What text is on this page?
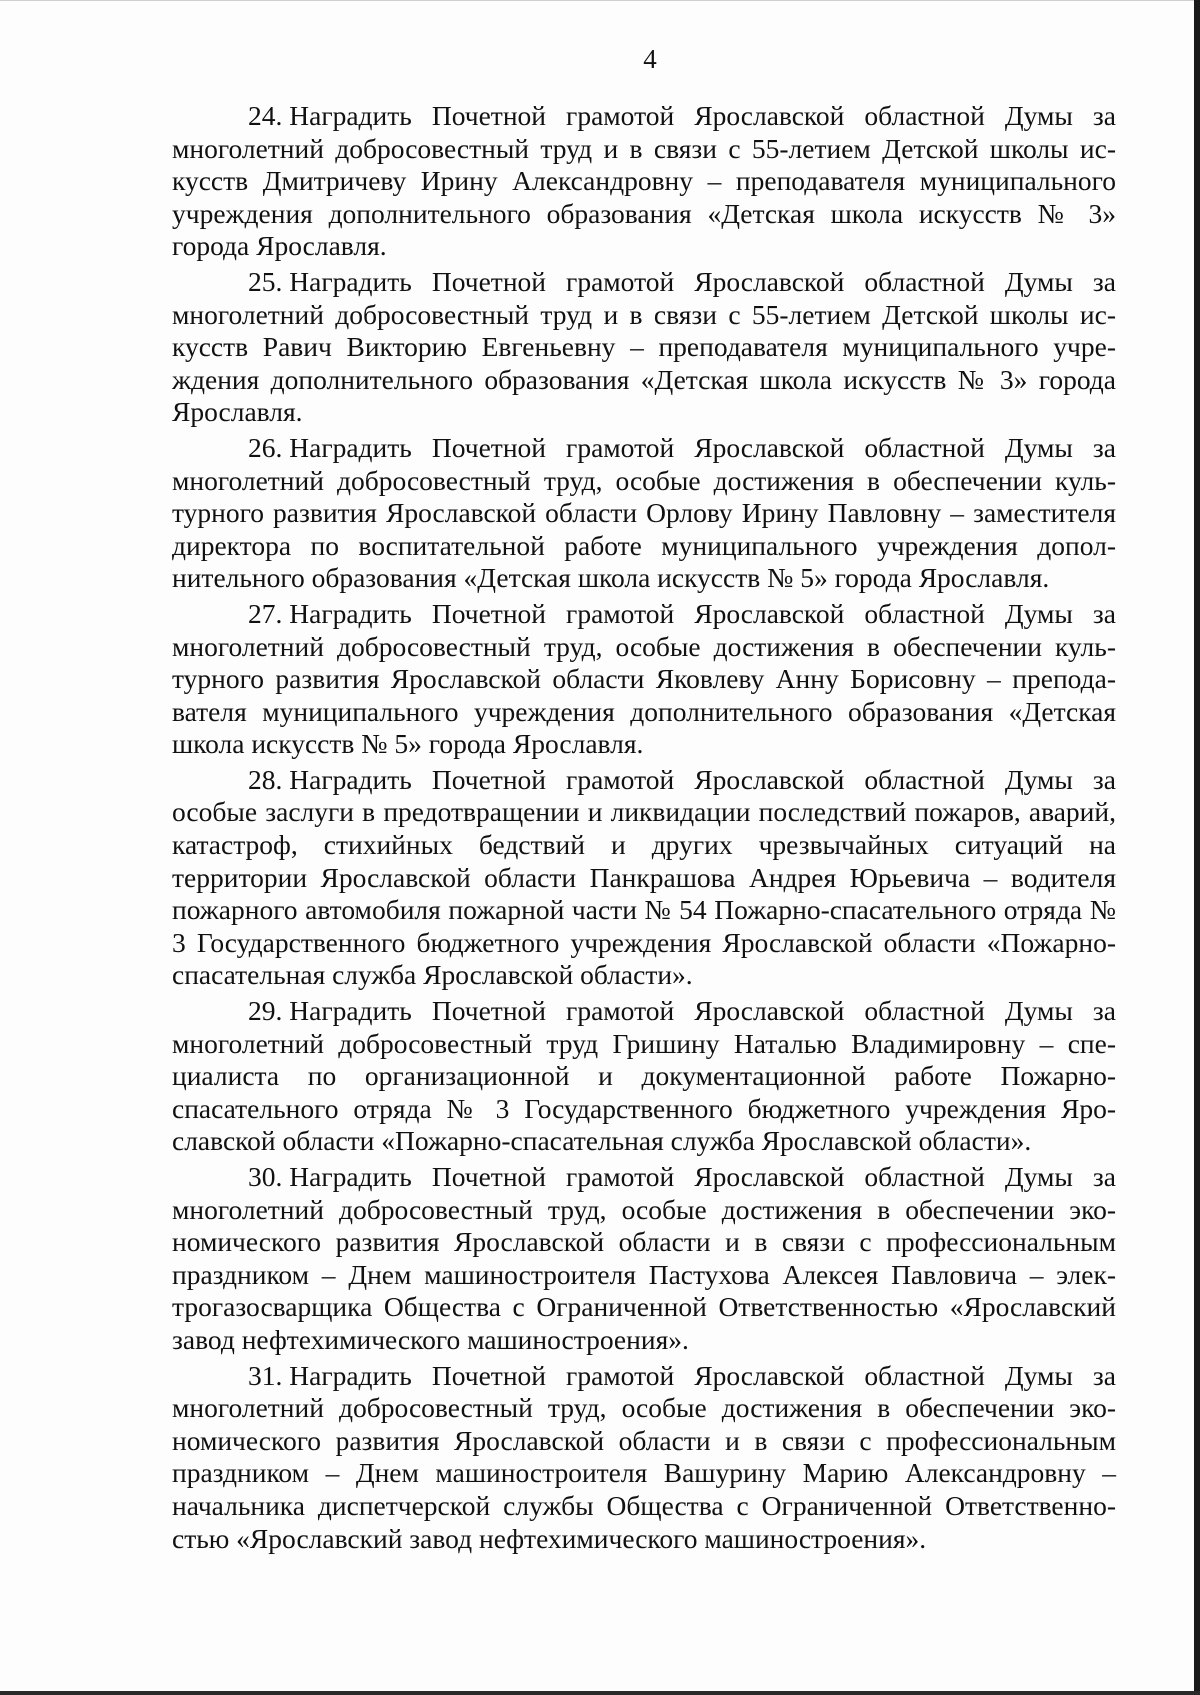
4

24. Наградить Почетной грамотой Ярославской областной Думы за многолетний добросовестный труд и в связи с 55-летием Детской школы искусств Дмитричеву Ирину Александровну – преподавателя муниципального учреждения дополнительного образования «Детская школа искусств № 3» города Ярославля.

25. Наградить Почетной грамотой Ярославской областной Думы за многолетний добросовестный труд и в связи с 55-летием Детской школы искусств Равич Викторию Евгеньевну – преподавателя муниципального учреждения дополнительного образования «Детская школа искусств № 3» города Ярославля.

26. Наградить Почетной грамотой Ярославской областной Думы за многолетний добросовестный труд, особые достижения в обеспечении культурного развития Ярославской области Орлову Ирину Павловну – заместителя директора по воспитательной работе муниципального учреждения дополнительного образования «Детская школа искусств № 5» города Ярославля.

27. Наградить Почетной грамотой Ярославской областной Думы за многолетний добросовестный труд, особые достижения в обеспечении культурного развития Ярославской области Яковлеву Анну Борисовну – преподавателя муниципального учреждения дополнительного образования «Детская школа искусств № 5» города Ярославля.

28. Наградить Почетной грамотой Ярославской областной Думы за особые заслуги в предотвращении и ликвидации последствий пожаров, аварий, катастроф, стихийных бедствий и других чрезвычайных ситуаций на территории Ярославской области Панкрашова Андрея Юрьевича – водителя пожарного автомобиля пожарной части № 54 Пожарно-спасательного отряда № 3 Государственного бюджетного учреждения Ярославской области «Пожарно-спасательная служба Ярославской области».

29. Наградить Почетной грамотой Ярославской областной Думы за многолетний добросовестный труд Гришину Наталью Владимировну – специалиста по организационной и документационной работе Пожарно-спасательного отряда № 3 Государственного бюджетного учреждения Ярославской области «Пожарно-спасательная служба Ярославской области».

30. Наградить Почетной грамотой Ярославской областной Думы за многолетний добросовестный труд, особые достижения в обеспечении экономического развития Ярославской области и в связи с профессиональным праздником – Днем машиностроителя Пастухова Алексея Павловича – электрогазосварщика Общества с Ограниченной Ответственностью «Ярославский завод нефтехимического машиностроения».

31. Наградить Почетной грамотой Ярославской областной Думы за многолетний добросовестный труд, особые достижения в обеспечении экономического развития Ярославской области и в связи с профессиональным праздником – Днем машиностроителя Вашурину Марию Александровну – начальника диспетчерской службы Общества с Ограниченной Ответственностью «Ярославский завод нефтехимического машиностроения».
